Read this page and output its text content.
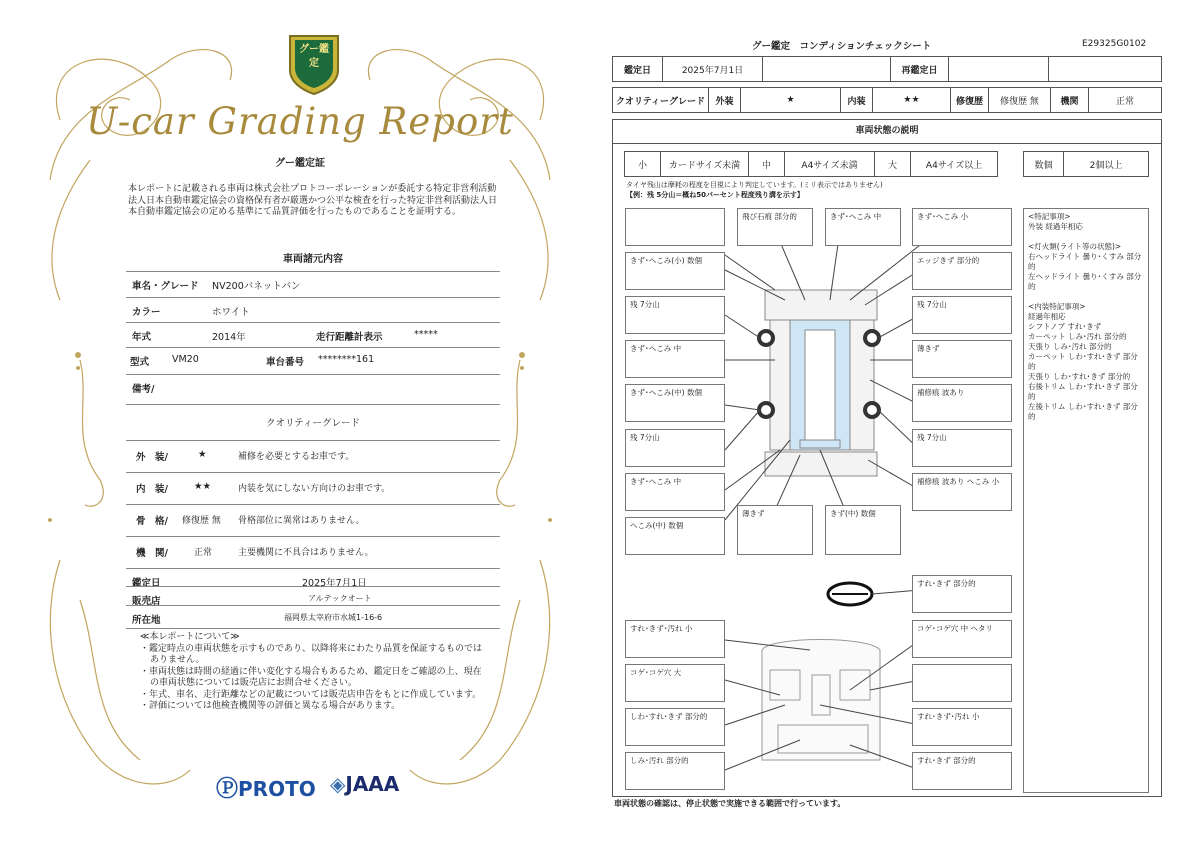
グー鑑定
U-car Grading Report
グー鑑定証
本レポートに記載される車両は株式会社プロトコーポレーションが委託する特定非営利活動法人日本自動車鑑定協会の資格保有者が厳選かつ公平な検査を行った特定非営利活動法人日本自動車鑑定協会の定める基準にて品質評価を行ったものであることを証明する。
車両諸元内容
車名・グレード NV200バネットバン
カラー	ホワイト
年式	2014年	走行距離計表示	*****
型式 VM20	車台番号 ********161
備考/
クオリティーグレード
外　装/	★	補修を必要とするお車です。
内　装/	★★	内装を気にしない方向けのお車です。
骨　格/ 修復歴 無 骨格部位に異常はありません。
機　関/	正常	主要機関に不具合はありません。
鑑定日	2025年7月1日
販売店	アルテックオート
所在地	福岡県太宰府市水城1-16-6
≪本レポートについて≫
・鑑定時点の車両状態を示すものであり、以降将来にわたり品質を保証するものではありません。
・車両状態は時間の経過に伴い変化する場合もあるため、鑑定日をご確認の上、現在の車両状態については販売店にお問合せください。
・年式、車名、走行距離などの記載については販売店申告をもとに作成しています。
・評価については他検査機関等の評価と異なる場合があります。
ⓅPROTO ◈JAAA
グー鑑定　コンディションチェックシート	E29325G0102
鑑定日	2025年7月1日	再鑑定日
クオリティーグレード	外装	★	内装	★★	修復歴	修復歴 無	機関	正常
車両状態の説明
小	カードサイズ未満	中	A4サイズ未満	大	A4サイズ以上	数個	2個以上
タイヤ残山は摩耗の程度を目視により判定しています。(ミリ表示ではありません)
【例：残 5分山＝概ね50パーセント程度残り溝を示す】
飛び石痕 部分的	きず･へこみ 中	きず･へこみ 小
きず･へこみ(小) 数個	エッジきず 部分的
残 7分山	残 7分山
きず･へこみ 中	薄きず
きず･へこみ(中) 数個	補修痕 波あり
残 7分山	残 7分山
きず･へこみ 中	補修痕 波あり へこみ 小
へこみ(中) 数個
薄きず	きず(中) 数個
すれ･きず 部分的
すれ･きず･汚れ 小	コゲ･コゲ穴 中 ヘタリ
コゲ･コゲ穴 大
しわ･すれ･きず 部分的	すれ･きず･汚れ 小
しみ･汚れ 部分的	すれ･きず 部分的
<特記事項>
外装 経過年相応
<灯火類(ライト等の状態)>
右ヘッドライト 曇り･くすみ 部分的
左ヘッドライト 曇り･くすみ 部分的
<内装特記事項>
経過年相応
シフトノブ すれ･きず
カーペット しみ･汚れ 部分的
天張り しみ･汚れ 部分的
カーペット しわ･すれ･きず 部分的
天張り しわ･すれ･きず 部分的
右後トリム しわ･すれ･きず 部分的
左後トリム しわ･すれ･きず 部分的
車両状態の確認は、停止状態で実施できる範囲で行っています。
